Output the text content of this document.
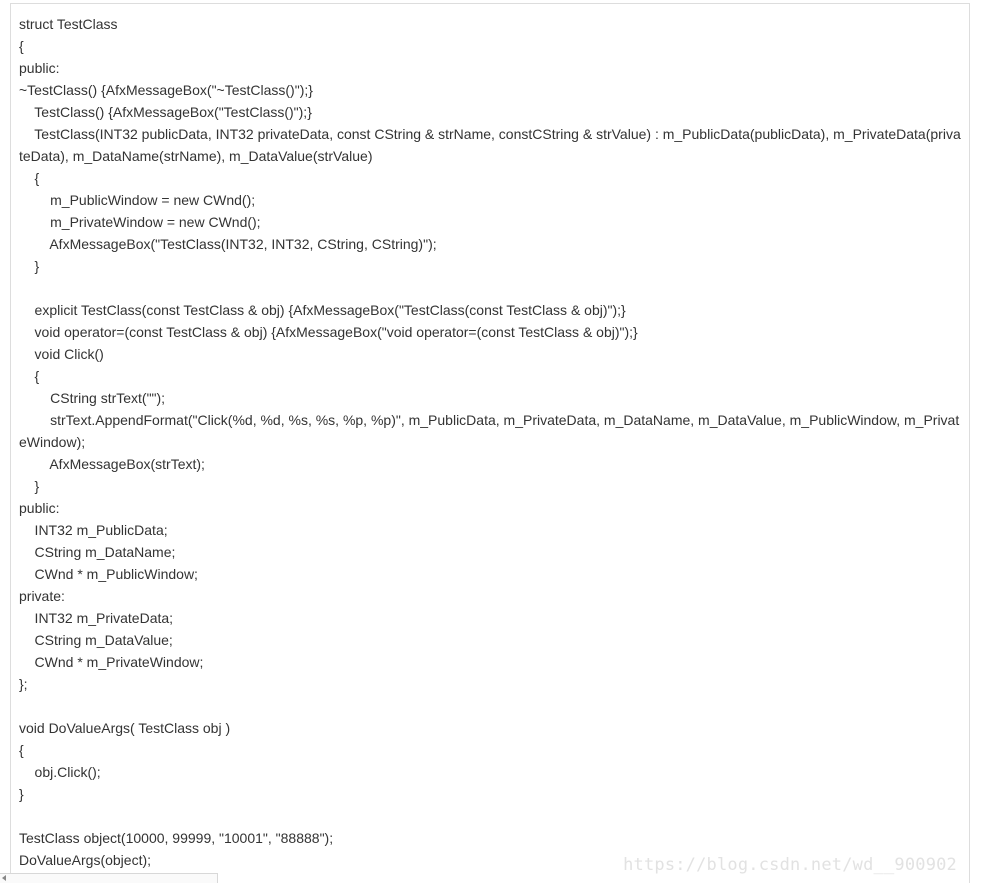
struct TestClass
{
public:
~TestClass() {AfxMessageBox("~TestClass()");}
TestClass() {AfxMessageBox("TestClass()");}
TestClass(INT32 publicData, INT32 privateData, const CString & strName, constCString & strValue) : m_PublicData(publicData), m_PrivateData(priva
teData), m_DataName(strName), m_DataValue(strValue)
{
m_PublicWindow = new CWnd();
m_PrivateWindow = new CWnd();
AfxMessageBox("TestClass(INT32, INT32, CString, CString)");
}
explicit TestClass(const TestClass & obj) {AfxMessageBox("TestClass(const TestClass & obj)");}
void operator=(const TestClass & obj) {AfxMessageBox("void operator=(const TestClass & obj)");}
void Click()
{
CString strText("");
strText.AppendFormat("Click(%d, %d, %s, %s, %p, %p)", m_PublicData, m_PrivateData, m_DataName, m_DataValue, m_PublicWindow, m_Privat
eWindow);
AfxMessageBox(strText);
}
public:
INT32 m_PublicData;
CString m_DataName;
CWnd * m_PublicWindow;
private:
INT32 m_PrivateData;
CString m_DataValue;
CWnd * m_PrivateWindow;
};
void DoValueArgs( TestClass obj )
{
obj.Click();
}
TestClass object(10000, 99999, "10001", "88888");
DoValueArgs(object);	https://blog.csdn.net/wd__900902
